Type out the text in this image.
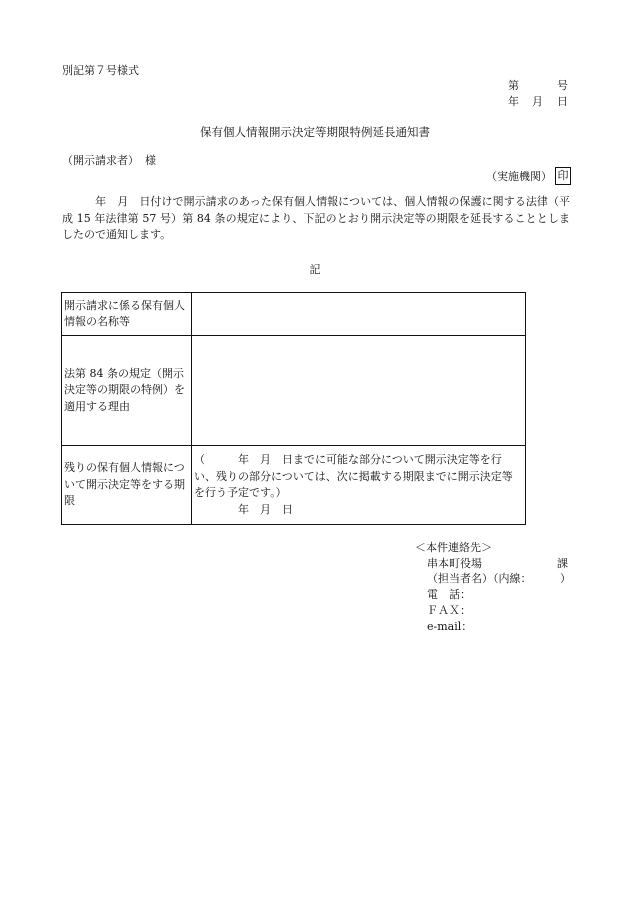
別記第７号様式
第	号
年 月 日
保有個人情報開示決定等期限特例延長通知書
（開示請求者） 様
（実施機関） 印
　　　年　月　日付けで開示請求のあった保有個人情報については、個人情報の保護に関する法律（平成 15 年法律第 57 号）第 84 条の規定により、下記のとおり開示決定等の期限を延長することとしましたので通知します。
記
開示請求に係る保有個人情報の名称等	
法第 84 条の規定（開示決定等の期限の特例）を適用する理由	
残りの保有個人情報について開示決定等をする期限	（　　　年　月　日までに可能な部分について開示決定等を行
い、残りの部分については、次に掲載する期限までに開示決定等
を行う予定です。）
年　月　日
＜本件連絡先＞
串本町役場	課
（担当者名）（内線：	）
電　話：
ＦＡＸ：
e-mail：
